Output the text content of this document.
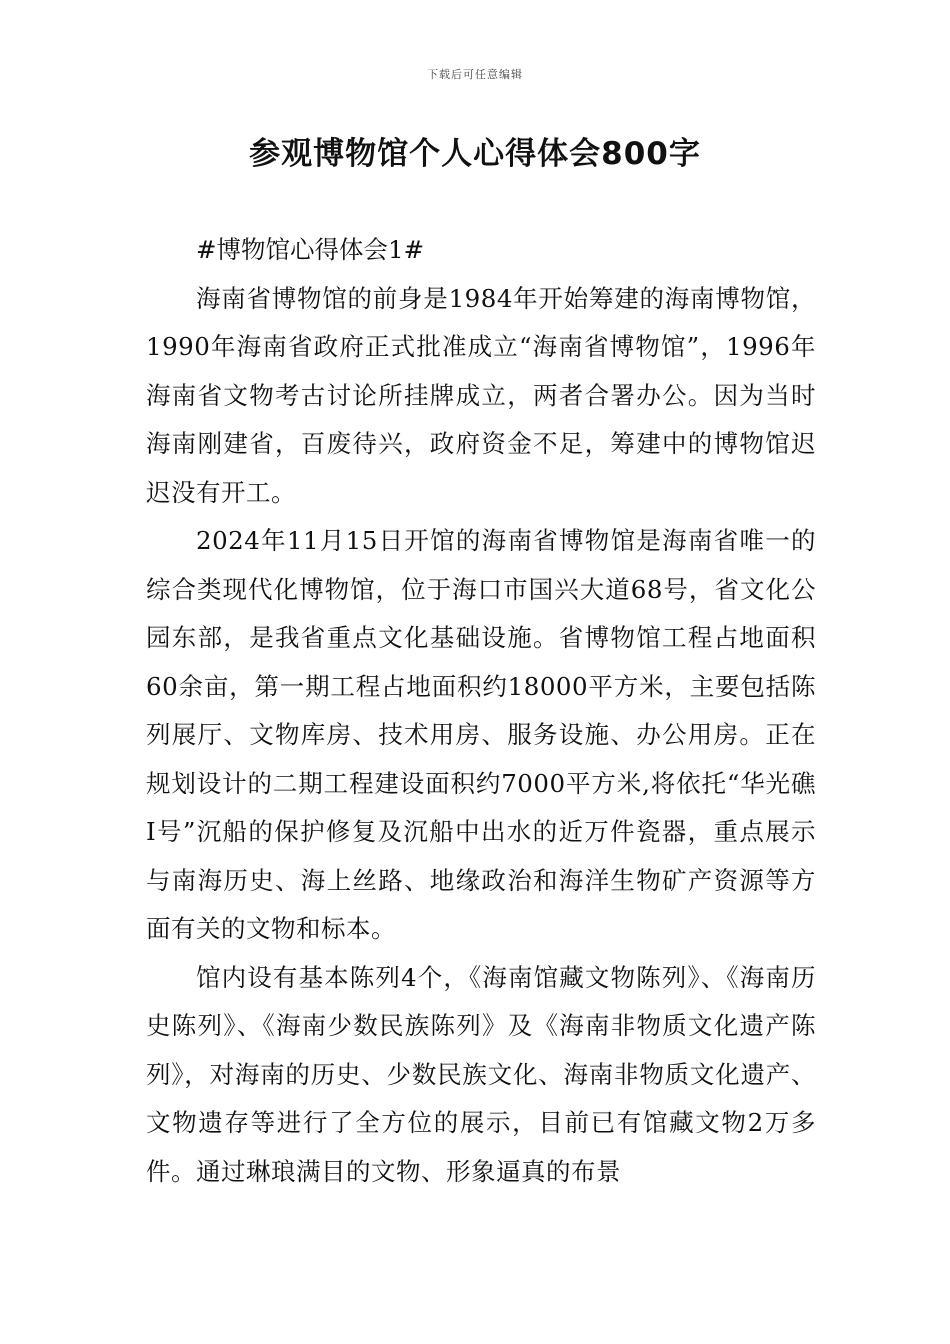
下载后可任意编辑
参观博物馆个人心得体会800字

#博物馆心得体会1#

海南省博物馆的前身是1984年开始筹建的海南博物馆，1990年海南省政府正式批准成立“海南省博物馆”，1996年海南省文物考古讨论所挂牌成立，两者合署办公。因为当时海南刚建省，百废待兴，政府资金不足，筹建中的博物馆迟迟没有开工。

2024年11月15日开馆的海南省博物馆是海南省唯一的综合类现代化博物馆，位于海口市国兴大道68号，省文化公园东部，是我省重点文化基础设施。省博物馆工程占地面积60余亩，第一期工程占地面积约18000平方米，主要包括陈列展厅、文物库房、技术用房、服务设施、办公用房。正在规划设计的二期工程建设面积约7000平方米,将依托“华光礁Ⅰ号”沉船的保护修复及沉船中出水的近万件瓷器，重点展示与南海历史、海上丝路、地缘政治和海洋生物矿产资源等方面有关的文物和标本。

馆内设有基本陈列4个，《海南馆藏文物陈列》、《海南历史陈列》、《海南少数民族陈列》及《海南非物质文化遗产陈列》，对海南的历史、少数民族文化、海南非物质文化遗产、文物遗存等进行了全方位的展示，目前已有馆藏文物2万多件。通过琳琅满目的文物、形象逼真的布景
